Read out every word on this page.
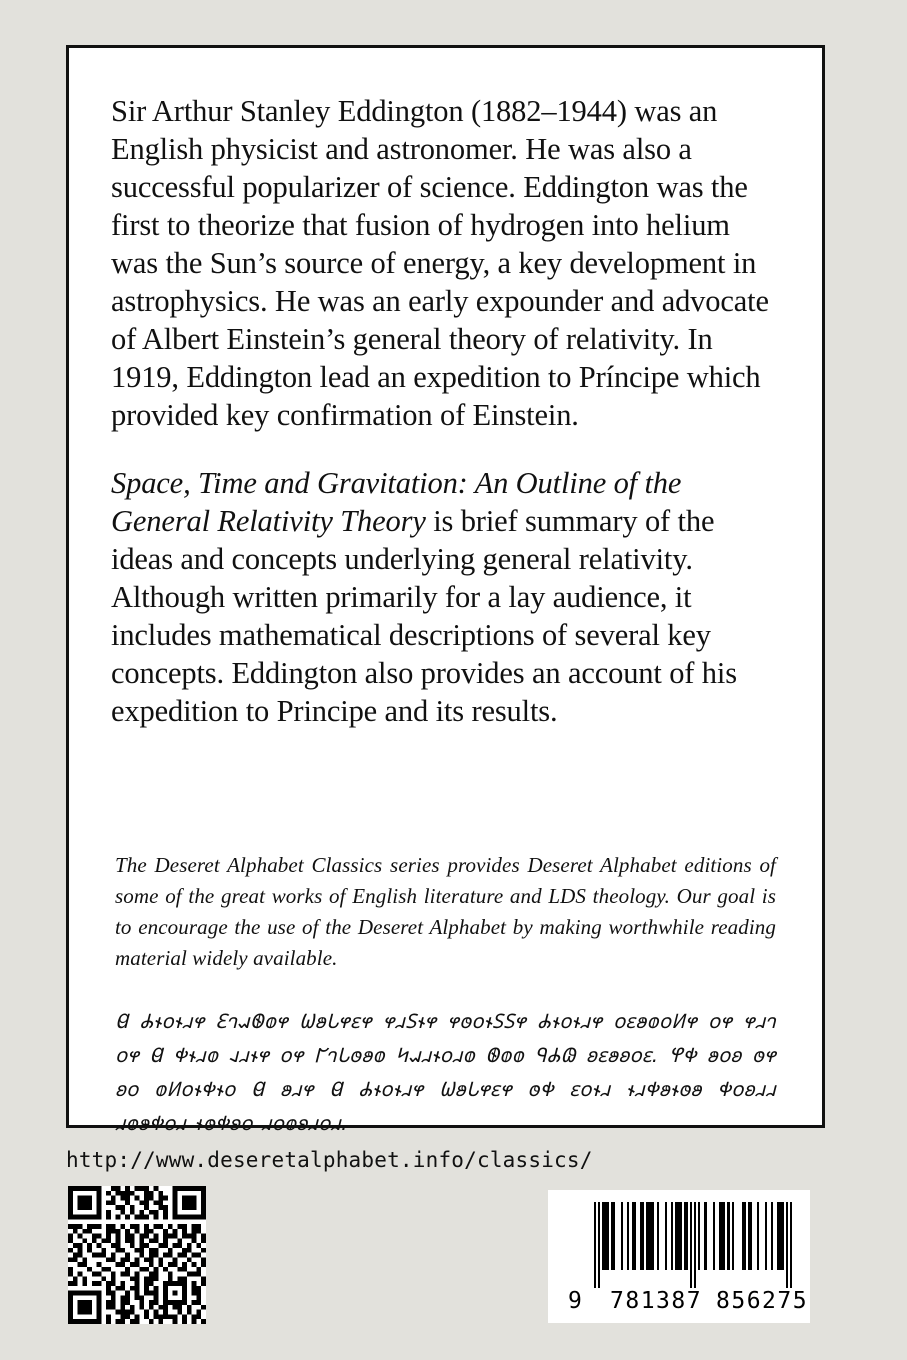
Sir Arthur Stanley Eddington (1882–1944) was an English physicist and astronomer. He was also a successful popularizer of science. Eddington was the first to theorize that fusion of hydrogen into helium was the Sun’s source of energy, a key development in astrophysics. He was an early expounder and advocate of Albert Einstein’s general theory of relativity. In 1919, Eddington lead an expedition to Príncipe which provided key confirmation of Einstein.

Space, Time and Gravitation: An Outline of the General Relativity Theory is brief summary of the ideas and concepts underlying general relativity. Although written primarily for a lay audience, it includes mathematical descriptions of several key concepts. Eddington also provides an account of his expedition to Principe and its results.

The Deseret Alphabet Classics series provides Deseret Alphabet editions of some of the great works of English literature and LDS theology. Our goal is to encourage the use of the Deseret Alphabet by making worthwhile reading material widely available.

𐐔 𐐌𐐮𐐬𐐮𐐯𐐸 𐐁𐐻𐐱𐐧𐐭𐐸 𐐎𐐵𐐢𐐸𐐩𐐸 𐐸𐐯𐐠𐐮𐐸 𐐸𐐫𐐬𐐮𐐠𐐠𐐸 𐐌𐐮𐐬𐐮𐐯𐐸 𐐬𐐩𐐵𐐭𐐬𐐥𐐸 𐐬𐐸 𐐸𐐯𐐻 𐐬𐐸 𐐔 𐐡𐐮𐐯𐐭 𐐰𐐯𐐮𐐸 𐐬𐐸 𐐊𐐻𐐢𐐫𐐵𐐭 𐐤𐐱𐐯𐐮𐐬𐐯𐐭 𐐧𐐭𐐭 𐐋𐐌𐐘 𐐪𐐩𐐵𐐪𐐬𐐩. 𐐐𐐡 𐐵𐐬𐐪 𐐫𐐸 𐐪𐐬 𐐭𐐥𐐬𐐮𐐡𐐮𐐬 𐐔 𐐵𐐯𐐸 𐐔 𐐌𐐮𐐬𐐮𐐯𐐸 𐐎𐐵𐐢𐐸𐐩𐐸 𐐫𐐡 𐐩𐐬𐐮𐐯 𐐮𐐯𐐡𐐵𐐮𐐫𐐵 𐐡𐐬𐐪𐐯𐐯 𐐯𐐭𐐵𐐡𐐬𐐯 𐐮𐐫𐐡𐐪𐐬 𐐯𐐬𐐭𐐪𐐯𐐬𐐯.

http://www.deseretalphabet.info/classics/
9 781387 856275
